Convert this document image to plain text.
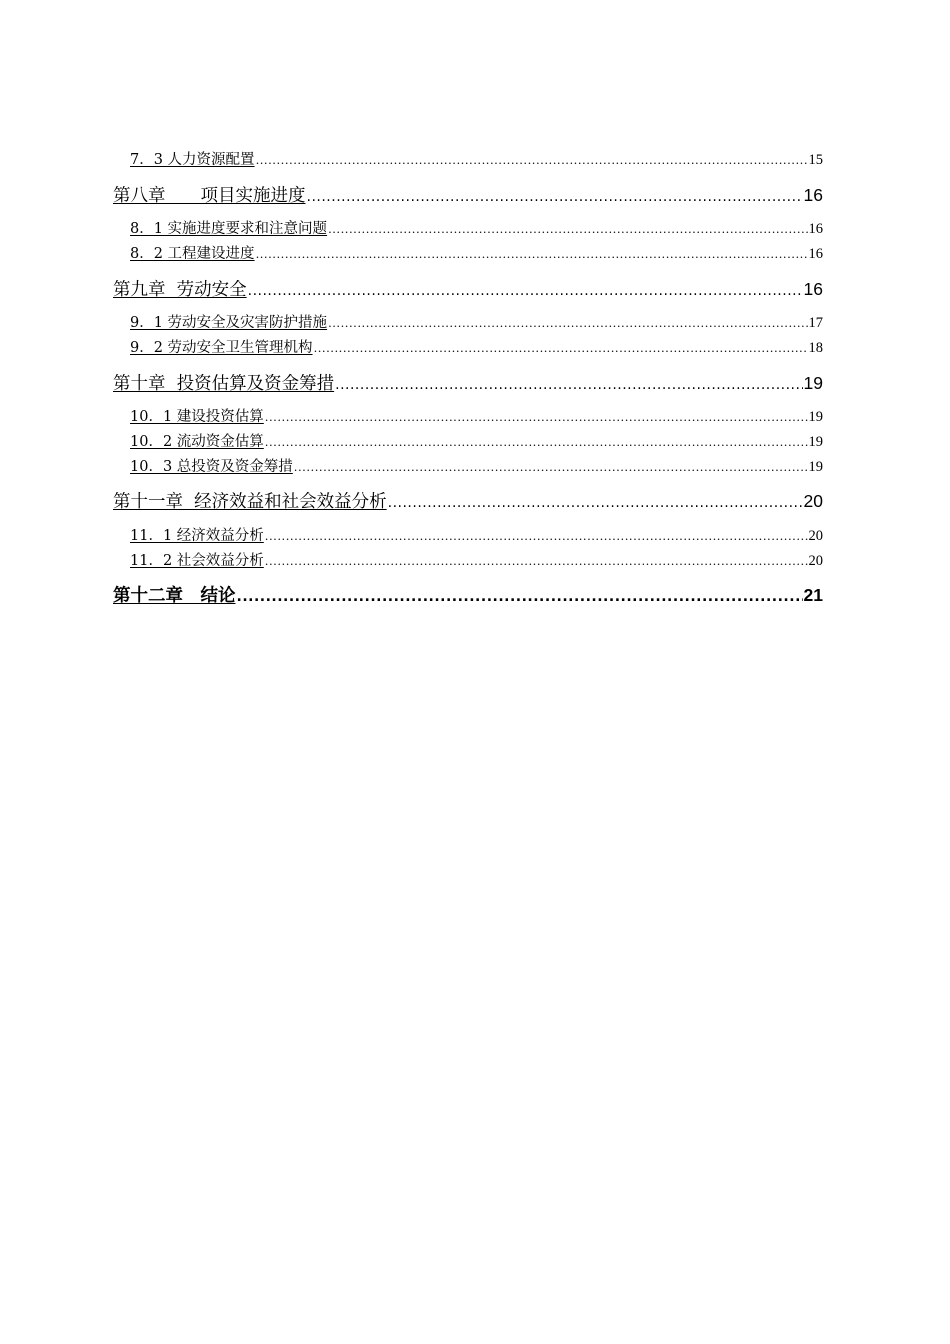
7．3 人力资源配置 .....	15
第八章　　项目实施进度 .....	16
8．1 实施进度要求和注意问题 .....	16
8．2 工程建设进度 .....	16
第九章  劳动安全 .....	16
9．1 劳动安全及灾害防护措施 .....	17
9．2 劳动安全卫生管理机构 .....	18
第十章  投资估算及资金筹措 .....	19
10．1 建设投资估算 .....	19
10．2 流动资金估算 .....	19
10．3 总投资及资金筹措 .....	19
第十一章  经济效益和社会效益分析 .....	20
11．1 经济效益分析 .....	20
11．2 社会效益分析 .....	20
第十二章　结论 .....	21
